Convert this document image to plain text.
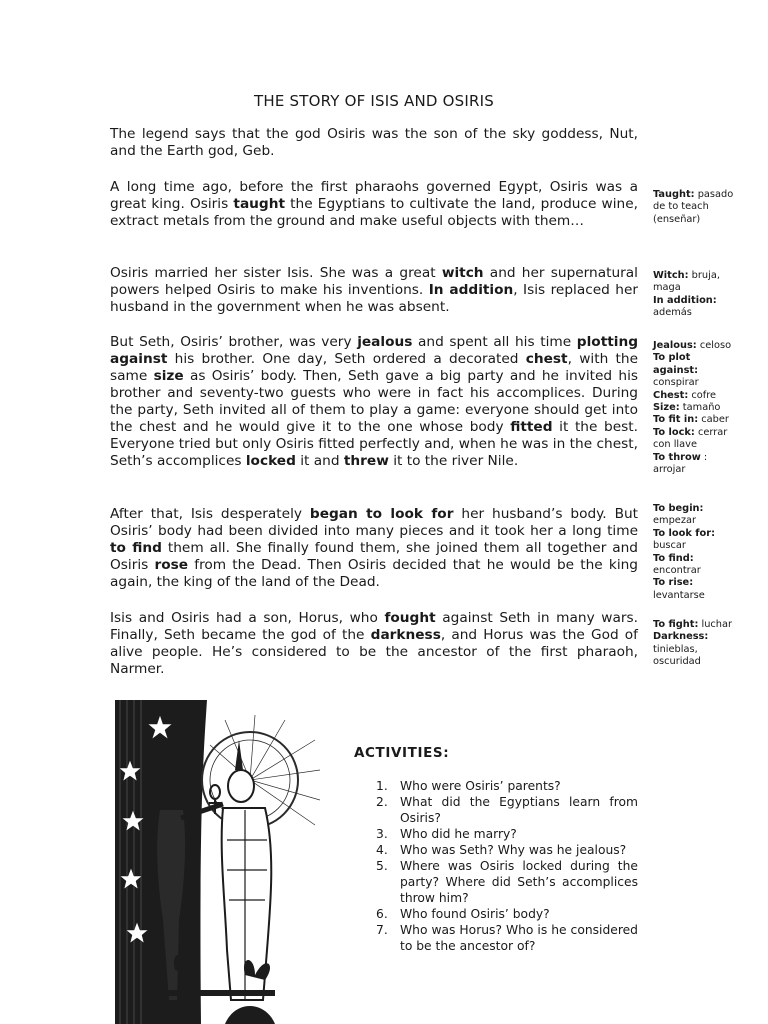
THE STORY OF ISIS AND OSIRIS

The legend says that the god Osiris was the son of the sky goddess, Nut, and the Earth god, Geb.

A long time ago, before the first pharaohs governed Egypt, Osiris was a great king. Osiris taught the Egyptians to cultivate the land, produce wine, extract metals from the ground and make useful objects with them…

Osiris married her sister Isis. She was a great witch and her supernatural powers helped Osiris to make his inventions. In addition, Isis replaced her husband in the government when he was absent.

But Seth, Osiris’ brother, was very jealous and spent all his time plotting against his brother. One day, Seth ordered a decorated chest, with the same size as Osiris’ body. Then, Seth gave a big party and he invited his brother and seventy-two guests who were in fact his accomplices. During the party, Seth invited all of them to play a game: everyone should get into the chest and he would give it to the one whose body fitted it the best. Everyone tried but only Osiris fitted perfectly and, when he was in the chest, Seth’s accomplices locked it and threw it to the river Nile.

After that, Isis desperately began to look for her husband’s body. But Osiris’ body had been divided into many pieces and it took her a long time to find them all. She finally found them, she joined them all together and Osiris rose from the Dead. Then Osiris decided that he would be the king again, the king of the land of the Dead.

Isis and Osiris had a son, Horus, who fought against Seth in many wars. Finally, Seth became the god of the darkness, and Horus was the God of alive people. He’s considered to be the ancestor of the first pharaoh, Narmer.

Taught: pasado
de to teach
(enseñar)
Witch: bruja,
maga
In addition:
además
Jealous: celoso
To plot
against:
conspirar
Chest: cofre
Size: tamaño
To fit in: caber
To lock: cerrar
con llave
To throw :
arrojar
To begin:
empezar
To look for:
buscar
To find:
encontrar
To rise:
levantarse
To fight: luchar
Darkness:
tinieblas,
oscuridad
ACTIVITIES:
1. Who were Osiris’ parents?
2. What did the Egyptians learn from Osiris?
3. Who did he marry?
4. Who was Seth? Why was he jealous?
5. Where was Osiris locked during the party? Where did Seth’s accomplices throw him?
6. Who found Osiris’ body?
7. Who was Horus? Who is he considered to be the ancestor of?
